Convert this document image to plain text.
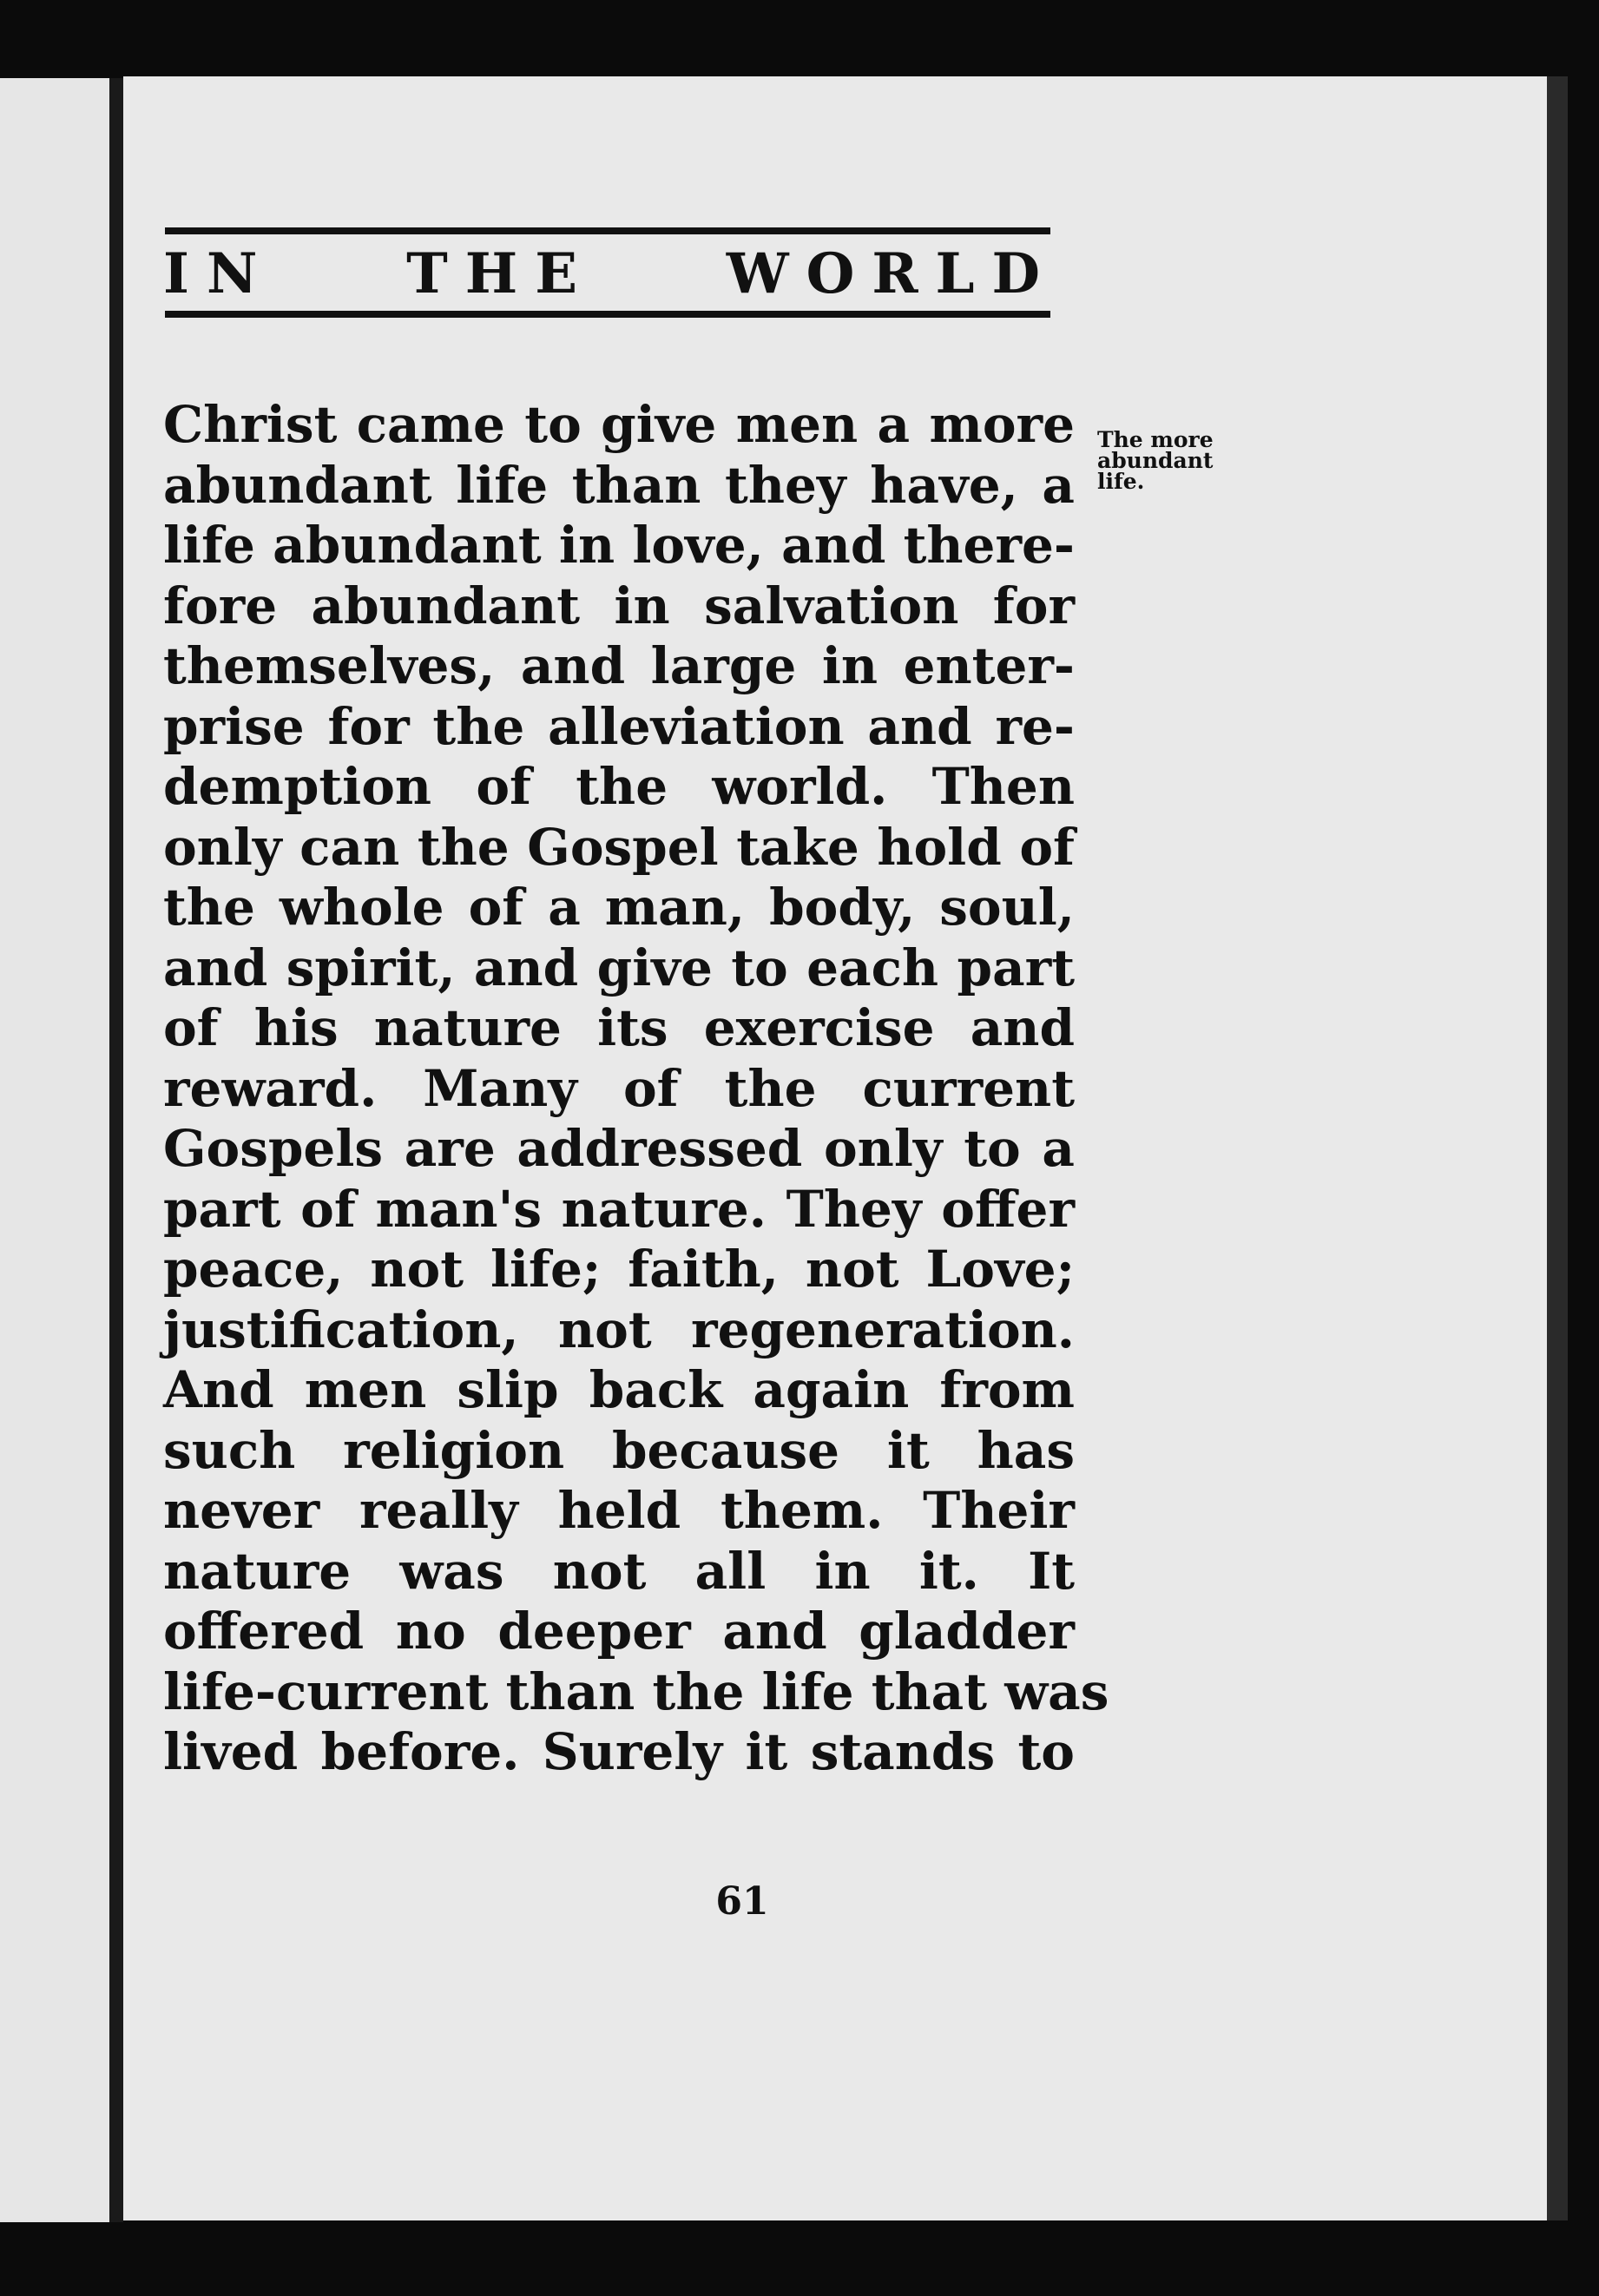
IN THE WORLD
Christ came to give men a more
abundant life than they have, a
life abundant in love, and there-
fore abundant in salvation for
themselves, and large in enter-
prise for the alleviation and re-
demption of the world. Then
only can the Gospel take hold of
the whole of a man, body, soul,
and spirit, and give to each part
of his nature its exercise and
reward. Many of the current
Gospels are addressed only to a
part of man's nature. They offer
peace, not life; faith, not Love;
justification, not regeneration.
And men slip back again from
such religion because it has
never really held them. Their
nature was not all in it. It
offered no deeper and gladder
life-current than the life that was
lived before. Surely it stands to
The more
abundant
life.
61
